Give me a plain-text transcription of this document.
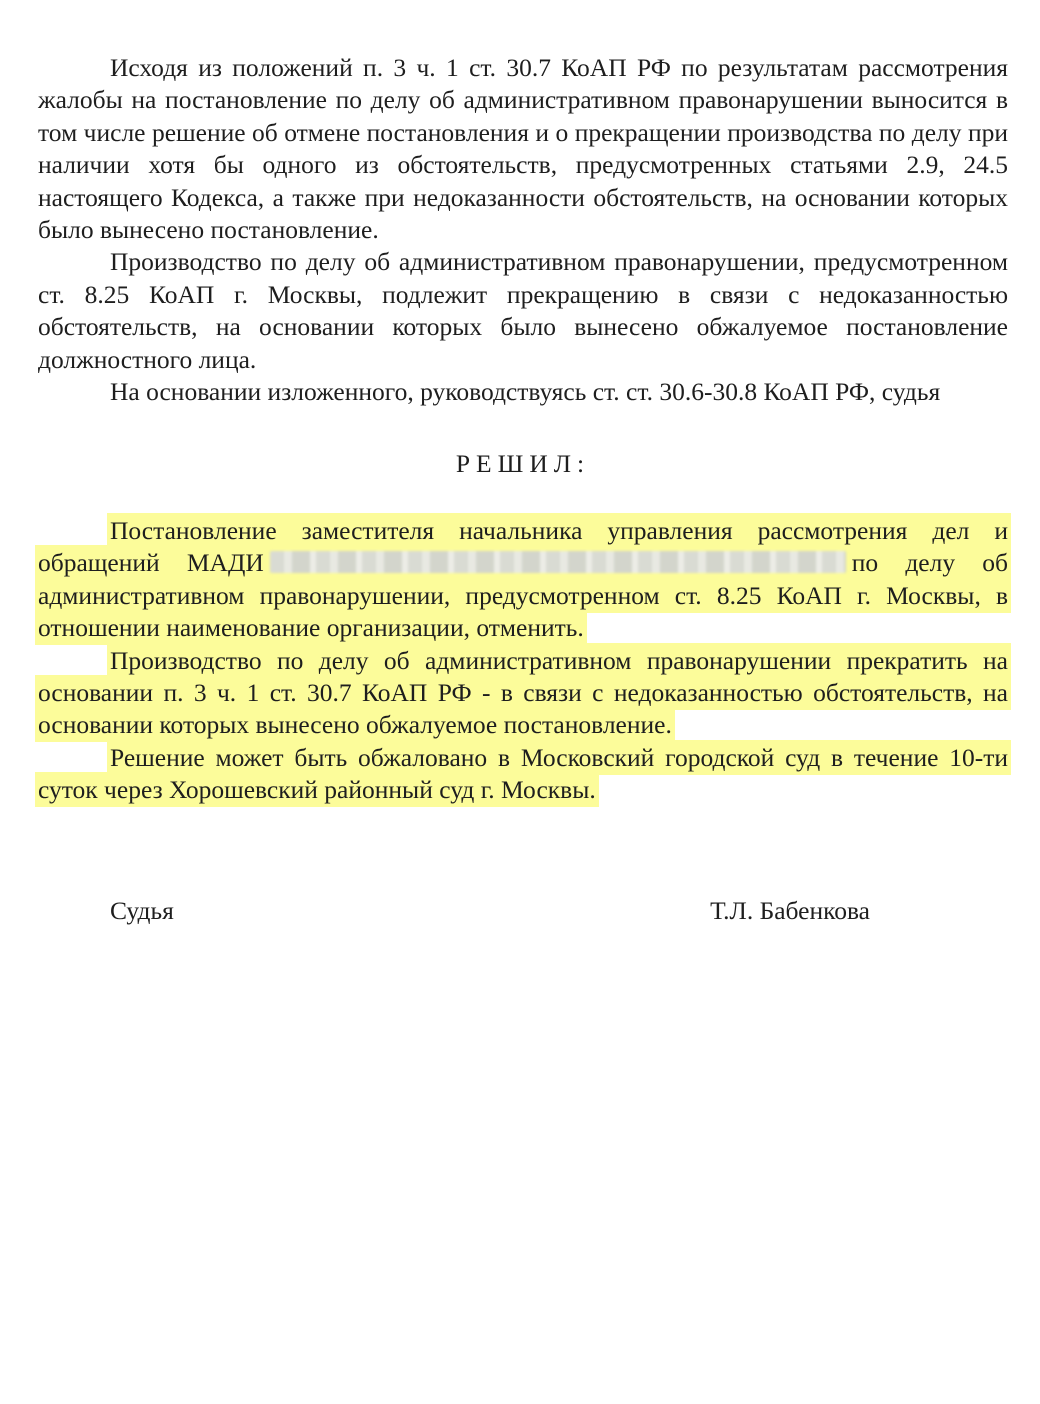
Исходя из положений п. 3 ч. 1 ст. 30.7 КоАП РФ по результатам рассмотрения жалобы на постановление по делу об административном правонарушении выносится в том числе решение об отмене постановления и о прекращении производства по делу при наличии хотя бы одного из обстоятельств, предусмотренных статьями 2.9, 24.5 настоящего Кодекса, а также при недоказанности обстоятельств, на основании которых было вынесено постановление.

Производство по делу об административном правонарушении, предусмотренном ст. 8.25 КоАП г. Москвы, подлежит прекращению в связи с недоказанностью обстоятельств, на основании которых было вынесено обжалуемое постановление должностного лица.

На основании изложенного, руководствуясь ст. ст. 30.6-30.8 КоАП РФ, судья

РЕШИЛ:

Постановление заместителя начальника управления рассмотрения дел и обращений МАДИ	по делу об административном правонарушении, предусмотренном ст. 8.25 КоАП г. Москвы, в отношении наименование организации, отменить.

Производство по делу об административном правонарушении прекратить на основании п. 3 ч. 1 ст. 30.7 КоАП РФ - в связи с недоказанностью обстоятельств, на основании которых вынесено обжалуемое постановление.

Решение может быть обжаловано в Московский городской суд в течение 10-ти суток через Хорошевский районный суд г. Москвы.

Судья	Т.Л. Бабенкова
